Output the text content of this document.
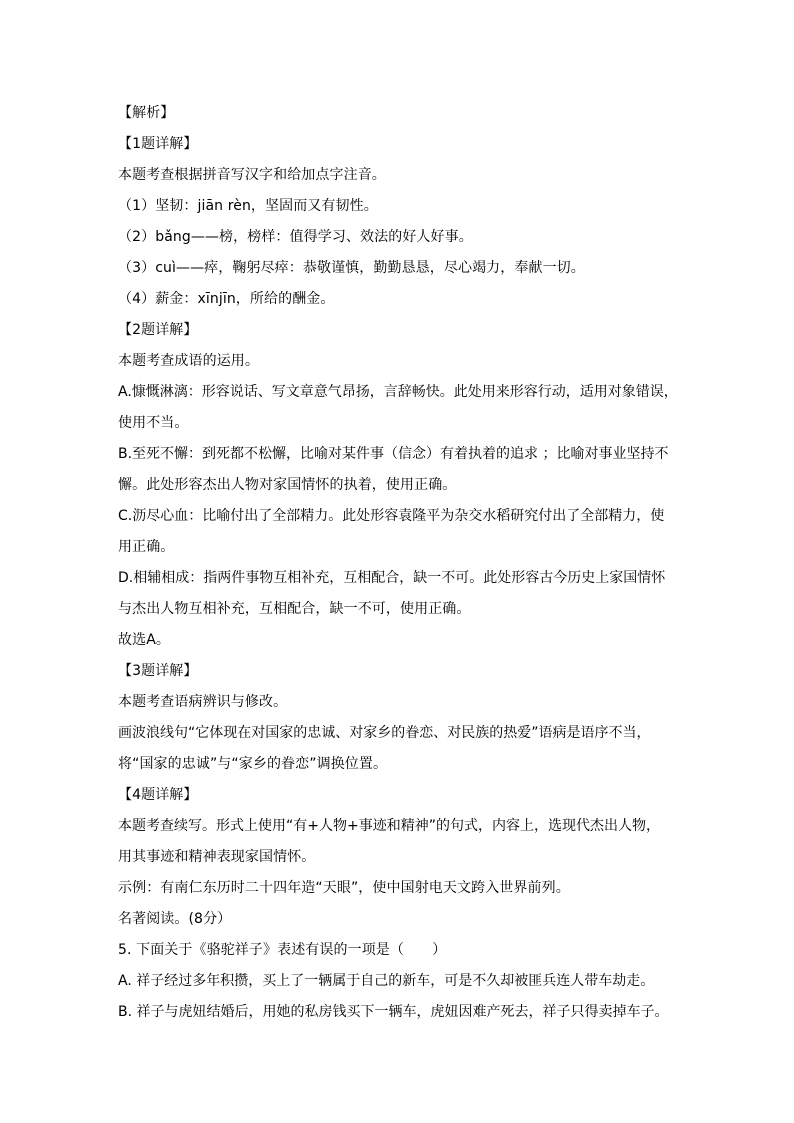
【解析】
【1题详解】
本题考查根据拼音写汉字和给加点字注音。
（1）坚韧：jiān rèn，坚固而又有韧性。
（2）bǎng——榜，榜样：值得学习、效法的好人好事。
（3）cuì——瘁，鞠躬尽瘁：恭敬谨慎，勤勤恳恳，尽心竭力，奉献一切。
（4）薪金：xīnjīn，所给的酬金。
【2题详解】
本题考查成语的运用。
A.慷慨淋漓：形容说话、写文章意气昂扬，言辞畅快。此处用来形容行动，适用对象错误，
使用不当。
B.至死不懈：到死都不松懈，比喻对某件事（信念）有着执着的追求 ；比喻对事业坚持不
懈。此处形容杰出人物对家国情怀的执着，使用正确。
C.沥尽心血：比喻付出了全部精力。此处形容袁隆平为杂交水稻研究付出了全部精力，使
用正确。
D.相辅相成：指两件事物互相补充，互相配合，缺一不可。此处形容古今历史上家国情怀
与杰出人物互相补充，互相配合，缺一不可，使用正确。
故选A。
【3题详解】
本题考查语病辨识与修改。
画波浪线句“它体现在对国家的忠诚、对家乡的眷恋、对民族的热爱”语病是语序不当，
将“国家的忠诚”与“家乡的眷恋”调换位置。
【4题详解】
本题考查续写。形式上使用“有+人物+事迹和精神”的句式，内容上，选现代杰出人物，
用其事迹和精神表现家国情怀。
示例：有南仁东历时二十四年造“天眼”，使中国射电天文跨入世界前列。
名著阅读。(8分）
5. 下面关于《骆驼祥子》表述有误的一项是（　　）
A. 祥子经过多年积攒，买上了一辆属于自己的新车，可是不久却被匪兵连人带车劫走。
B. 祥子与虎妞结婚后，用她的私房钱买下一辆车，虎妞因难产死去，祥子只得卖掉车子。
